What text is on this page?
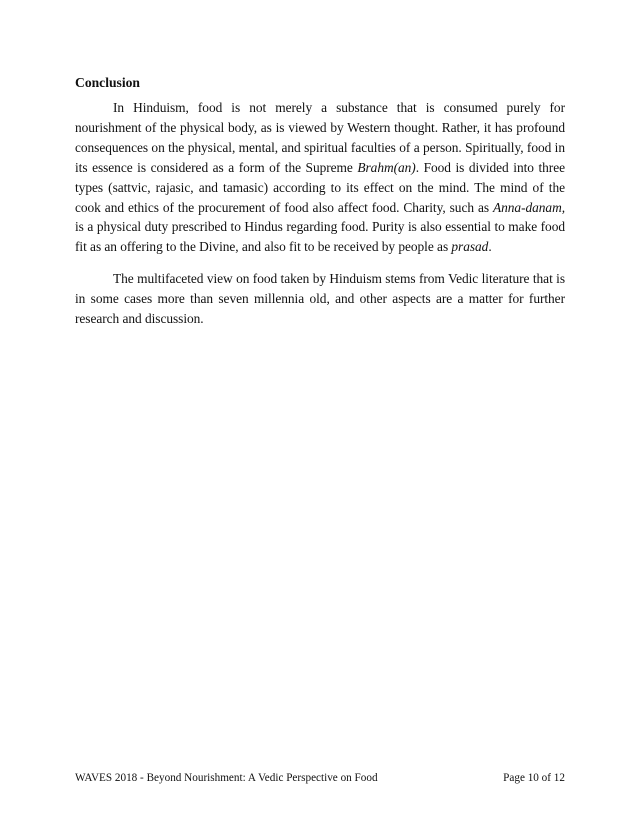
Conclusion

In Hinduism, food is not merely a substance that is consumed purely for nourishment of the physical body, as is viewed by Western thought. Rather, it has profound consequences on the physical, mental, and spiritual faculties of a person. Spiritually, food in its essence is considered as a form of the Supreme Brahm(an). Food is divided into three types (sattvic, rajasic, and tamasic) according to its effect on the mind. The mind of the cook and ethics of the procurement of food also affect food. Charity, such as Anna-danam, is a physical duty prescribed to Hindus regarding food. Purity is also essential to make food fit as an offering to the Divine, and also fit to be received by people as prasad.

The multifaceted view on food taken by Hinduism stems from Vedic literature that is in some cases more than seven millennia old, and other aspects are a matter for further research and discussion.

WAVES 2018 - Beyond Nourishment: A Vedic Perspective on Food	Page 10 of 12
